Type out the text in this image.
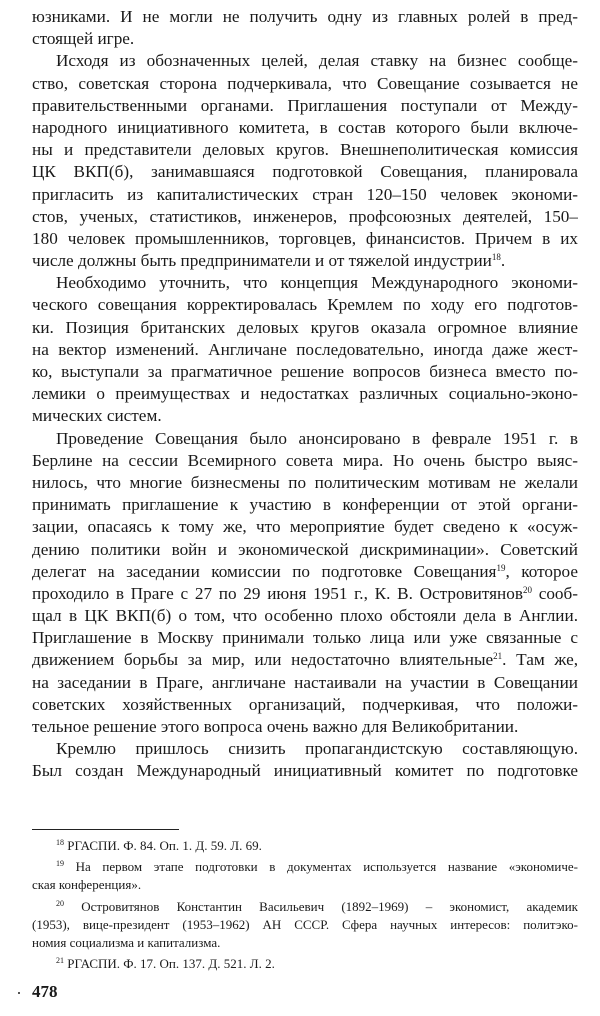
юзниками. И не могли не получить одну из главных ролей в пред-
стоящей игре.
Исходя из обозначенных целей, делая ставку на бизнес сообще-
ство, советская сторона подчеркивала, что Совещание созывается не
правительственными органами. Приглашения поступали от Между-
народного инициативного комитета, в состав которого были включе-
ны и представители деловых кругов. Внешнеполитическая комиссия
ЦК ВКП(б), занимавшаяся подготовкой Совещания, планировала
пригласить из капиталистических стран 120–150 человек экономи-
стов, ученых, статистиков, инженеров, профсоюзных деятелей, 150–
180 человек промышленников, торговцев, финансистов. Причем в их
числе должны быть предприниматели и от тяжелой индустрии$^{18}$.
Необходимо уточнить, что концепция Международного экономи-
ческого совещания корректировалась Кремлем по ходу его подготов-
ки. Позиция британских деловых кругов оказала огромное влияние
на вектор изменений. Англичане последовательно, иногда даже жест-
ко, выступали за прагматичное решение вопросов бизнеса вместо по-
лемики о преимуществах и недостатках различных социально-эконо-
мических систем.
Проведение Совещания было анонсировано в феврале 1951 г. в
Берлине на сессии Всемирного совета мира. Но очень быстро выяс-
нилось, что многие бизнесмены по политическим мотивам не желали
принимать приглашение к участию в конференции от этой органи-
зации, опасаясь к тому же, что мероприятие будет сведено к «осуж-
дению политики войн и экономической дискриминации». Советский
делегат на заседании комиссии по подготовке Совещания$^{19}$, которое
проходило в Праге с 27 по 29 июня 1951 г., К. В. Островитянов$^{20}$ сооб-
щал в ЦК ВКП(б) о том, что особенно плохо обстояли дела в Англии.
Приглашение в Москву принимали только лица или уже связанные с
движением борьбы за мир, или недостаточно влиятельные$^{21}$. Там же,
на заседании в Праге, англичане настаивали на участии в Совещании
советских хозяйственных организаций, подчеркивая, что положи-
тельное решение этого вопроса очень важно для Великобритании.
Кремлю пришлось снизить пропагандистскую составляющую.
Был создан Международный инициативный комитет по подготовке
$^{18}$ РГАСПИ. Ф. 84. Оп. 1. Д. 59. Л. 69.
$^{19}$ На первом этапе подготовки в документах используется название «экономиче-
ская конференция».
$^{20}$ Островитянов Константин Васильевич (1892–1969) – экономист, академик
(1953), вице-президент (1953–1962) АН СССР. Сфера научных интересов: политэко-
номия социализма и капитализма.
$^{21}$ РГАСПИ. Ф. 17. Оп. 137. Д. 521. Л. 2.
478
